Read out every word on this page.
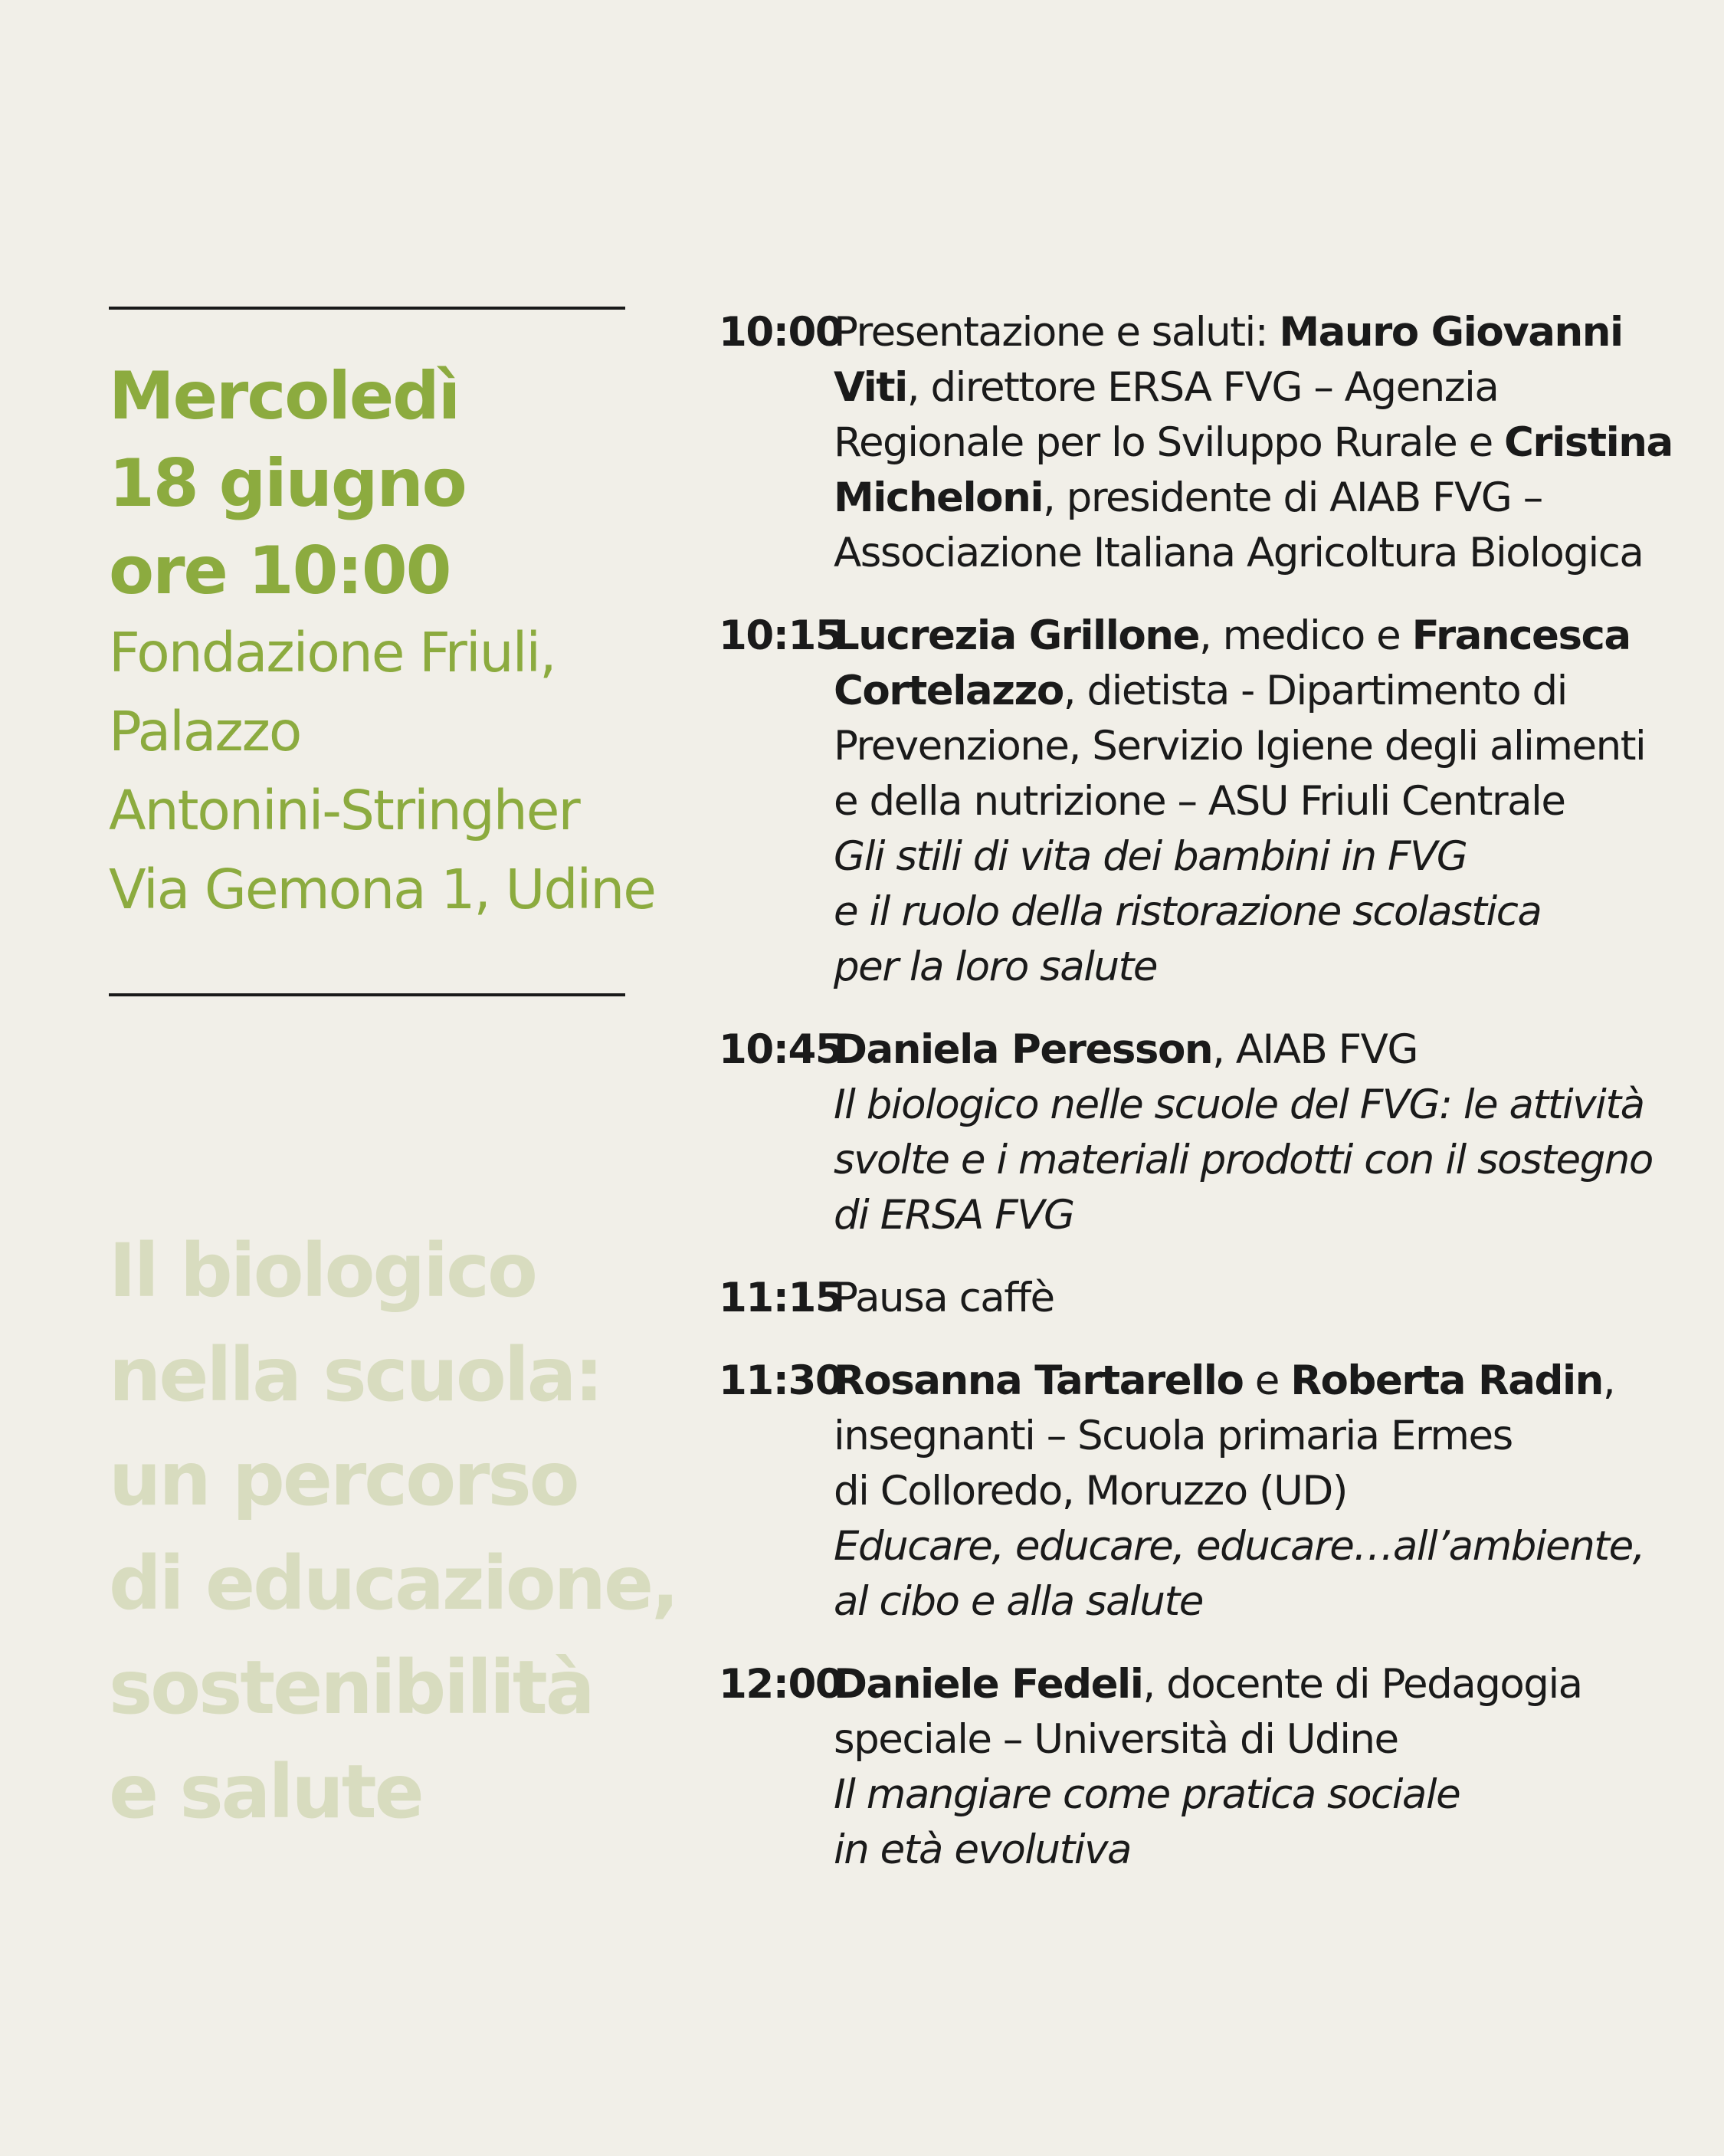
Mercoledì
18 giugno
ore 10:00
Fondazione Friuli,
Palazzo
Antonini-Stringher
Via Gemona 1, Udine
Il biologico
nella scuola:
un percorso
di educazione,
sostenibilità
e salute
10:00
Presentazione e saluti: Mauro Giovanni
Viti, direttore ERSA FVG – Agenzia
Regionale per lo Sviluppo Rurale e Cristina
Micheloni, presidente di AIAB FVG –
Associazione Italiana Agricoltura Biologica
10:15
Lucrezia Grillone, medico e Francesca
Cortelazzo, dietista - Dipartimento di
Prevenzione, Servizio Igiene degli alimenti
e della nutrizione – ASU Friuli Centrale
Gli stili di vita dei bambini in FVG
e il ruolo della ristorazione scolastica
per la loro salute
10:45
Daniela Peresson, AIAB FVG
Il biologico nelle scuole del FVG: le attività
svolte e i materiali prodotti con il sostegno
di ERSA FVG
11:15
Pausa caffè
11:30
Rosanna Tartarello e Roberta Radin,
insegnanti – Scuola primaria Ermes
di Colloredo, Moruzzo (UD)
Educare, educare, educare…all’ambiente,
al cibo e alla salute
12:00
Daniele Fedeli, docente di Pedagogia
speciale – Università di Udine
Il mangiare come pratica sociale
in età evolutiva
